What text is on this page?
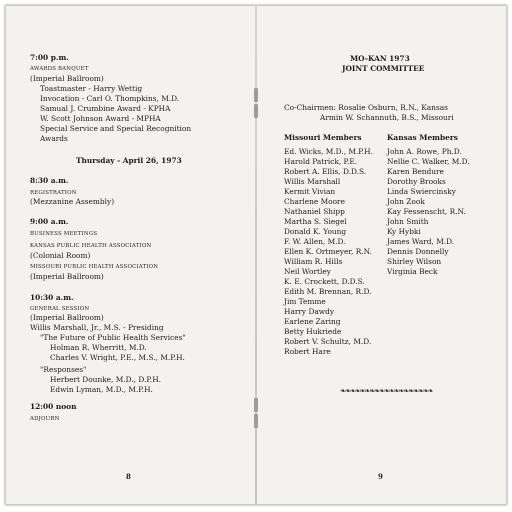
7:00 p.m.
AWARDS BANQUET
(Imperial Ballroom)
Toastmaster - Harry Wettig
Invocation - Carl O. Thompkins, M.D.
Samual J. Crumbine Award - KPHA
W. Scott Johnson Award - MPHA
Special Service and Special Recognition
Awards
Thursday - April 26, 1973
8:30 a.m.
REGISTRATION
(Mezzanine Assembly)
9:00 a.m.
BUSINESS MEETINGS
KANSAS PUBLIC HEALTH ASSOCIATION
(Colonial Room)
MISSOURI PUBLIC HEALTH ASSOCIATION
(Imperial Ballroom)
10:30 a.m.
GENERAL SESSION
(Imperial Ballroom)
Willis Marshall, Jr., M.S. - Presiding
"The Future of Public Health Services"
Holman R. Wherritt, M.D.
Charles V. Wright, P.E., M.S., M.P.H.
"Responses"
Herbert Dounke, M.D., D.P.H.
Edwin Lyman, M.D., M.P.H.
12:00 noon
ADJOURN
8
MO-KAN 1973
JOINT COMMITTEE
Co-Chairmen: Rosalie Osburn, R.N., Kansas
Armin W. Schannuth, B.S., Missouri
Missouri Members	Kansas Members
Ed. Wicks, M.D., M.P.H.
Harold Patrick, P.E.
Robert A. Ellis, D.D.S.
Willis Marshall
Kermit Vivian
Charlene Moore
Nathaniel Shipp
Martha S. Siegel
Donald K. Young
F. W. Allen, M.D.
Ellen K. Ortmeyer, R.N.
William R. Hills
Neil Wortley
K. E. Crockett, D.D.S.
Edith M. Brennan, R.D.
Jim Temme
Harry Dawdy
Earlene Zaring
Betty Hukriede
Robert V. Schultz, M.D.
Robert Hare
John A. Rowe, Ph.D.
Nellie C. Walker, M.D.
Karen Bendure
Dorothy Brooks
Linda Swiercinsky
John Zook
Kay Fessenscht, R.N.
John Smith
Ky Hybki
James Ward, M.D.
Dennis Donnelly
Shirley Wilson
Virginia Beck
❧❧❧❧❧❧❧❧❧❧❧❧❧❧❧❧❧❧❧
9
